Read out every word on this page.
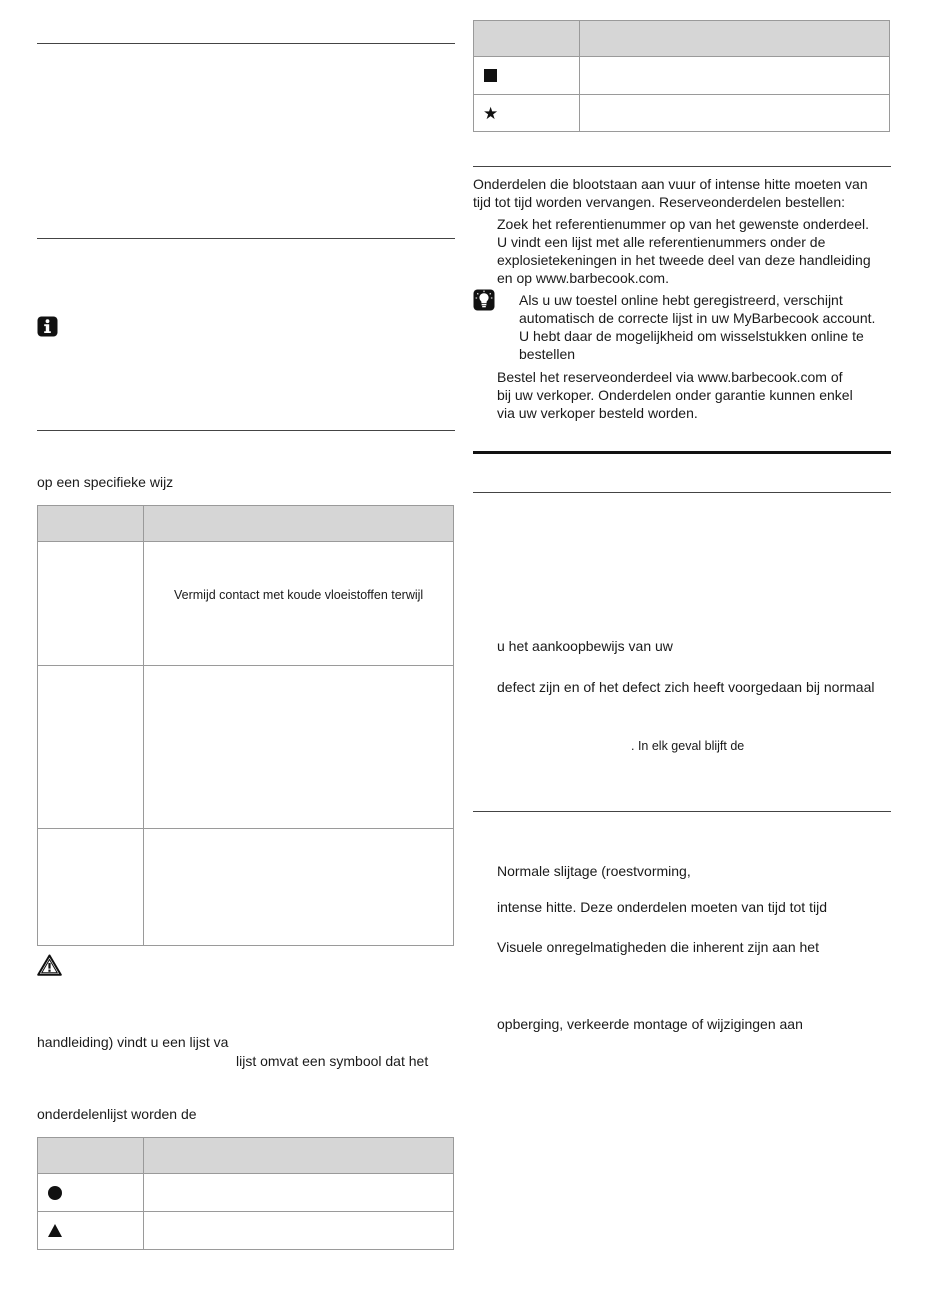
op een specifieke wijz

	Vermijd contact met koude vloeistoffen terwijl

handleiding) vindt u een lijst va
lijst omvat een symbool dat het
onderdelenlijst worden de

★	

Onderdelen die blootstaan aan vuur of intense hitte moeten van
tijd tot tijd worden vervangen. Reserveonderdelen bestellen:
Zoek het referentienummer op van het gewenste onderdeel.
U vindt een lijst met alle referentienummers onder de
explosietekeningen in het tweede deel van deze handleiding
en op www.barbecook.com.
Als u uw toestel online hebt geregistreerd, verschijnt
automatisch de correcte lijst in uw MyBarbecook account.
U hebt daar de mogelijkheid om wisselstukken online te
bestellen
Bestel het reserveonderdeel via www.barbecook.com of
bij uw verkoper. Onderdelen onder garantie kunnen enkel
via uw verkoper besteld worden.
u het aankoopbewijs van uw
defect zijn en of het defect zich heeft voorgedaan bij normaal
. In elk geval blijft de
Normale slijtage (roestvorming,
intense hitte. Deze onderdelen moeten van tijd tot tijd
Visuele onregelmatigheden die inherent zijn aan het
opberging, verkeerde montage of wijzigingen aan
